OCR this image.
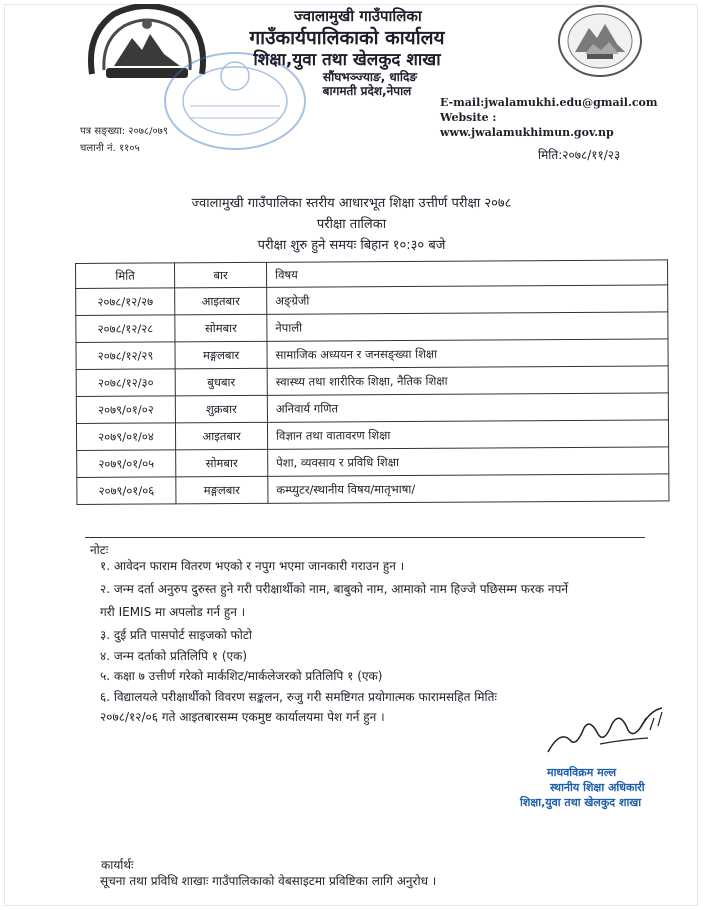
ज्वालामुखी गाउँपालिका
गाउँकार्यपालिकाको कार्यालय
शिक्षा,युवा तथा खेलकुद शाखा
सौंघभञ्ज्याङ, धादिङ
बागमती प्रदेश,नेपाल
E-mail:jwalamukhi.edu@gmail.com
Website : www.jwalamukhimun.gov.np
पत्र सङ्ख्या: २०७८/०७९
चलानी नं. ११०५	मिति:२०७८/११/२३
ज्वालामुखी गाउँपालिका स्तरीय आधारभूत शिक्षा उत्तीर्ण परीक्षा २०७८
परीक्षा तालिका
परीक्षा शुरु हुने समयः बिहान १०:३० बजे
मिति	बार	विषय
२०७८/१२/२७	आइतबार	अङ्ग्रेजी
२०७८/१२/२८	सोमबार	नेपाली
२०७८/१२/२९	मङ्गलबार	सामाजिक अध्ययन र जनसङ्ख्या शिक्षा
२०७८/१२/३०	बुधबार	स्वास्थ्य तथा शारीरिक शिक्षा, नैतिक शिक्षा
२०७९/०१/०२	शुक्रबार	अनिवार्य गणित
२०७९/०१/०४	आइतबार	विज्ञान तथा वातावरण शिक्षा
२०७९/०१/०५	सोमबार	पेशा, व्यवसाय र प्रविधि शिक्षा
२०७९/०१/०६	मङ्गलबार	कम्प्युटर/स्थानीय विषय/मातृभाषा/
नोटः
१. आवेदन फाराम वितरण भएको र नपुग भएमा जानकारी गराउन हुन ।
२. जन्म दर्ता अनुरुप दुरुस्त हुने गरी परीक्षार्थीको नाम, बाबुको नाम, आमाको नाम हिज्जे पछिसम्म फरक नपर्ने
गरी IEMIS मा अपलोड गर्न हुन ।
३. दुई प्रति पासपोर्ट साइजको फोटो
४. जन्म दर्ताको प्रतिलिपि १ (एक)
५. कक्षा ७ उत्तीर्ण गरेको मार्कशिट/मार्कलेजरको प्रतिलिपि १ (एक)
६. विद्यालयले परीक्षार्थीको विवरण सङ्कलन, रुजु गरी समष्टिगत प्रयोगात्मक फारामसहित मितिः
२०७८/१२/०६ गते आइतबारसम्म एकमुष्ट कार्यालयमा पेश गर्न हुन ।
माधवविक्रम मल्ल
स्थानीय शिक्षा अधिकारी
शिक्षा,युवा तथा खेलकुद शाखा
कार्यार्थः
सूचना तथा प्रविधि शाखाः गाउँपालिकाको वेबसाइटमा प्रविष्टिका लागि अनुरोध ।
